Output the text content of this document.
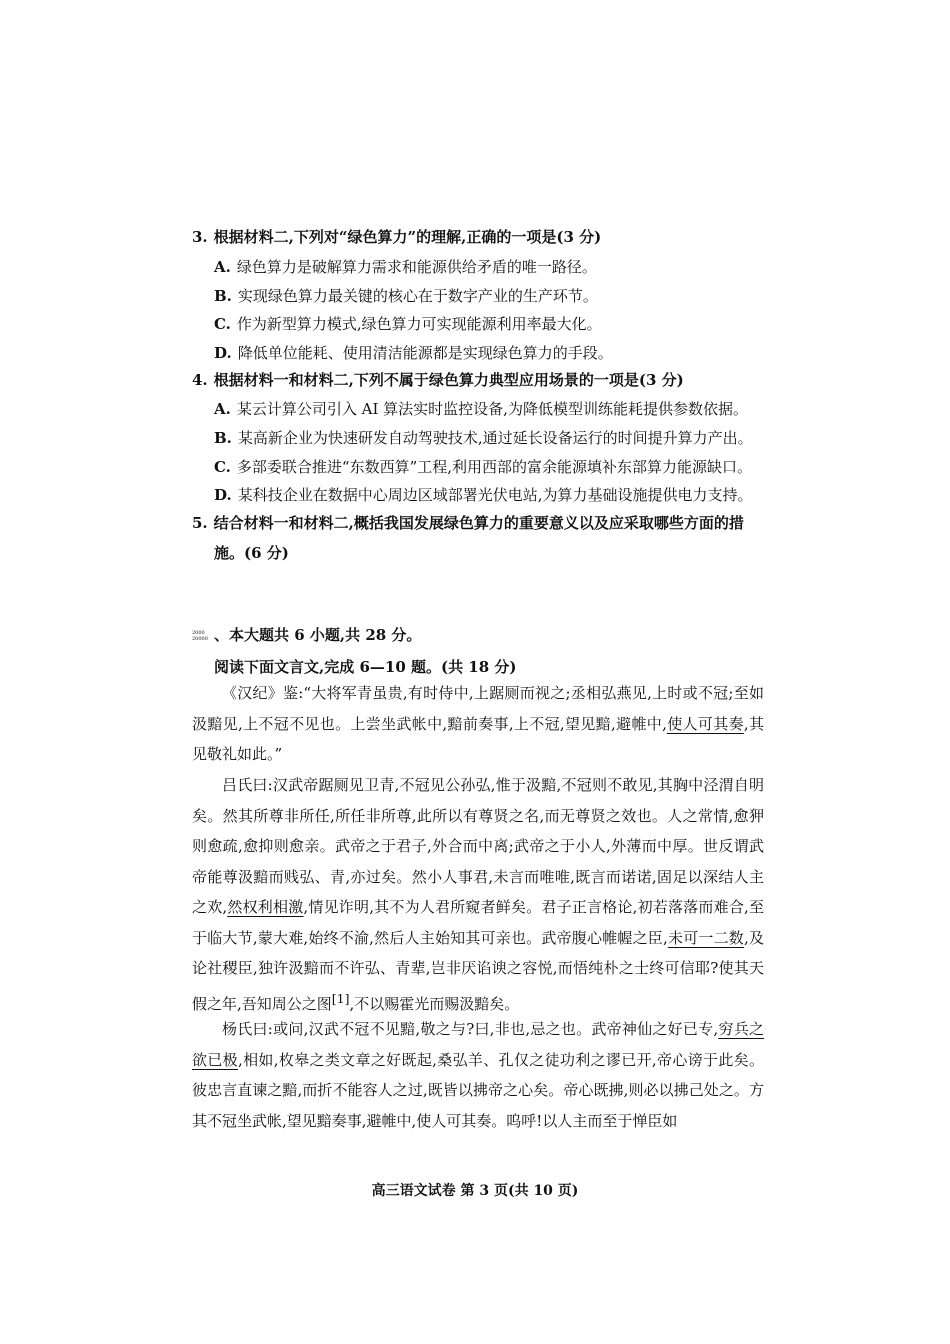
3. 根据材料二,下列对“绿色算力”的理解,正确的一项是(3 分)
A. 绿色算力是破解算力需求和能源供给矛盾的唯一路径。
B. 实现绿色算力最关键的核心在于数字产业的生产环节。
C. 作为新型算力模式,绿色算力可实现能源利用率最大化。
D. 降低单位能耗、使用清洁能源都是实现绿色算力的手段。
4. 根据材料一和材料二,下列不属于绿色算力典型应用场景的一项是(3 分)
A. 某云计算公司引入 AI 算法实时监控设备,为降低模型训练能耗提供参数依据。
B. 某高新企业为快速研发自动驾驶技术,通过延长设备运行的时间提升算力产出。
C. 多部委联合推进“东数西算”工程,利用西部的富余能源填补东部算力能源缺口。
D. 某科技企业在数据中心周边区域部署光伏电站,为算力基础设施提供电力支持。
5. 结合材料一和材料二,概括我国发展绿色算力的重要意义以及应采取哪些方面的措
施。(6 分)
2000
20000 、本大题共 6 小题,共 28 分。
阅读下面文言文,完成 6—10 题。(共 18 分)

《汉纪》鉴:“大将军青虽贵,有时侍中,上踞厕而视之;丞相弘燕见,上时或不冠;至如汲黯见,上不冠不见也。上尝坐武帐中,黯前奏事,上不冠,望见黯,避帷中,使人可其奏,其见敬礼如此。”

吕氏曰:汉武帝踞厕见卫青,不冠见公孙弘,惟于汲黯,不冠则不敢见,其胸中泾渭自明矣。然其所尊非所任,所任非所尊,此所以有尊贤之名,而无尊贤之效也。人之常情,愈狎则愈疏,愈抑则愈亲。武帝之于君子,外合而中离;武帝之于小人,外薄而中厚。世反谓武帝能尊汲黯而贱弘、青,亦过矣。然小人事君,未言而唯唯,既言而诺诺,固足以深结人主之欢,然权利相激,情见诈明,其不为人君所窥者鲜矣。君子正言格论,初若落落而难合,至于临大节,蒙大难,始终不渝,然后人主始知其可亲也。武帝腹心帷幄之臣,未可一二数,及论社稷臣,独许汲黯而不许弘、青辈,岂非厌谄谀之容悦,而悟纯朴之士终可信耶?使其天假之年,吾知周公之图[1],不以赐霍光而赐汲黯矣。

杨氏曰:或问,汉武不冠不见黯,敬之与?曰,非也,忌之也。武帝神仙之好已专,穷兵之欲已极,相如,枚皋之类文章之好既起,桑弘羊、孔仅之徒功利之谬已开,帝心谤于此矣。彼忠言直谏之黯,而折不能容人之过,既皆以拂帝之心矣。帝心既拂,则必以拂己处之。方其不冠坐武帐,望见黯奏事,避帷中,使人可其奏。呜呼!以人主而至于惮臣如

高三语文试卷 第 3 页(共 10 页)
